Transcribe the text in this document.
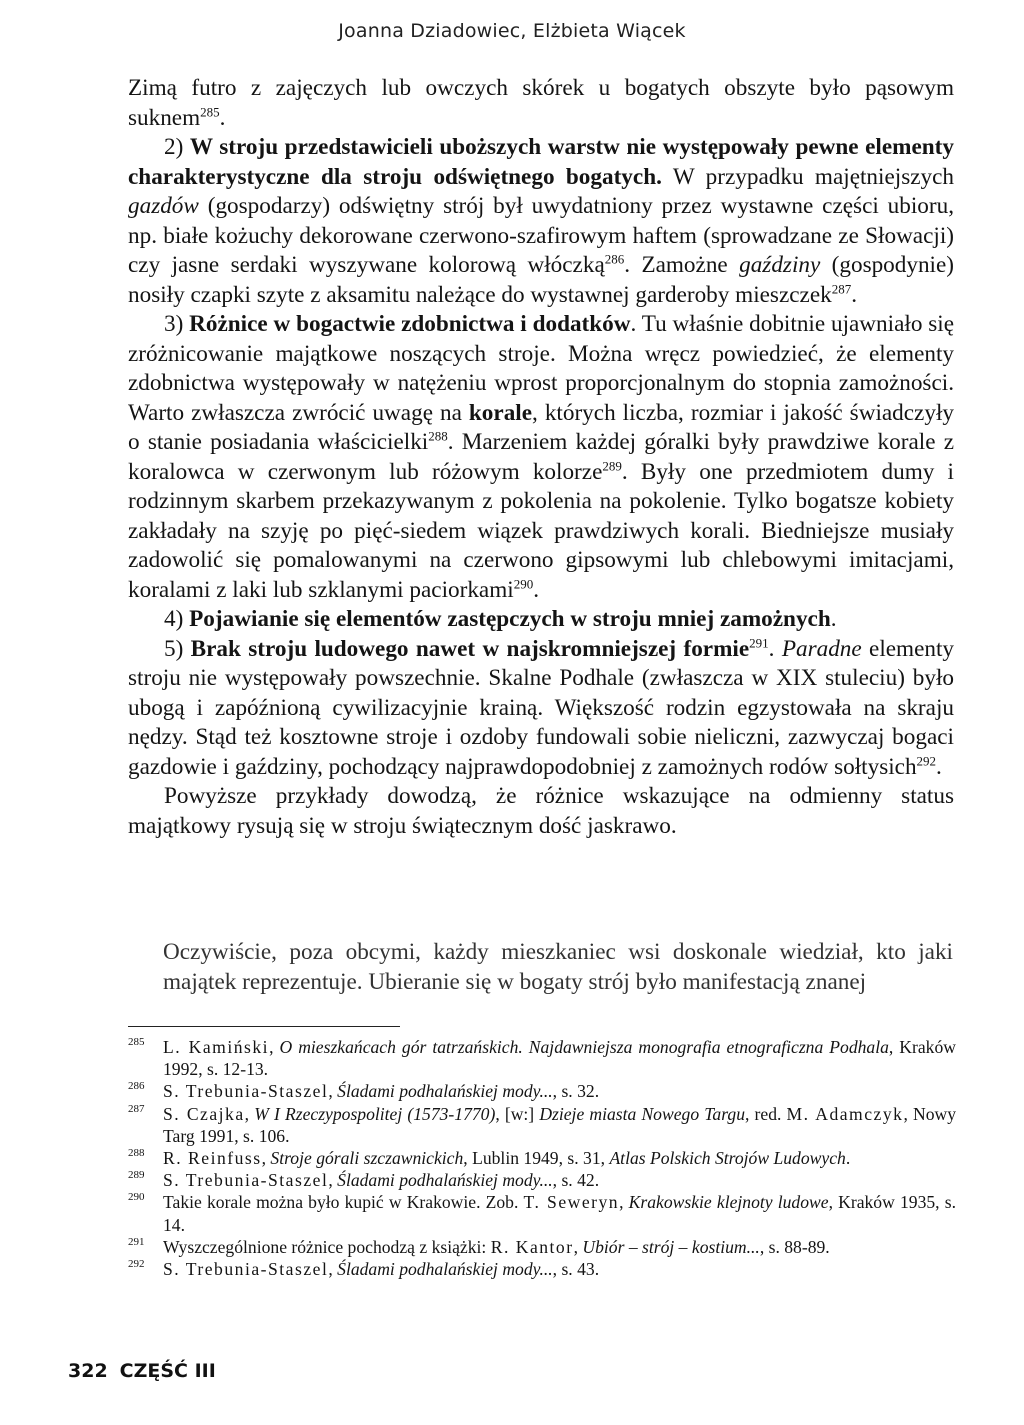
Joanna Dziadowiec, Elżbieta Wiącek

Zimą futro z zajęczych lub owczych skórek u bogatych obszyte było pąsowym suknem$^{285}$.

2) W stroju przedstawicieli uboższych warstw nie występowały pewne elementy charakterystyczne dla stroju odświętnego bogatych. W przypadku majętniejszych gazdów (gospodarzy) odświętny strój był uwydatniony przez wystawne części ubioru, np. białe kożuchy dekorowane czerwono-szafirowym haftem (sprowadzane ze Słowacji) czy jasne serdaki wyszywane kolorową włóczką$^{286}$. Zamożne gaździny (gospodynie) nosiły czapki szyte z aksamitu należące do wystawnej garderoby mieszczek$^{287}$.

3) Różnice w bogactwie zdobnictwa i dodatków. Tu właśnie dobitnie ujawniało się zróżnicowanie majątkowe noszących stroje. Można wręcz powiedzieć, że elementy zdobnictwa występowały w natężeniu wprost proporcjonalnym do stopnia zamożności. Warto zwłaszcza zwrócić uwagę na korale, których liczba, rozmiar i jakość świadczyły o stanie posiadania właścicielki$^{288}$. Marzeniem każdej góralki były prawdziwe korale z koralowca w czerwonym lub różowym kolorze$^{289}$. Były one przedmiotem dumy i rodzinnym skarbem przekazywanym z pokolenia na pokolenie. Tylko bogatsze kobiety zakładały na szyję po pięć-siedem wiązek prawdziwych korali. Biedniejsze musiały zadowolić się pomalowanymi na czerwono gipsowymi lub chlebowymi imitacjami, koralami z laki lub szklanymi paciorkami$^{290}$.

4) Pojawianie się elementów zastępczych w stroju mniej zamożnych.

5) Brak stroju ludowego nawet w najskromniejszej formie$^{291}$. Paradne elementy stroju nie występowały powszechnie. Skalne Podhale (zwłaszcza w XIX stuleciu) było ubogą i zapóźnioną cywilizacyjnie krainą. Większość rodzin egzystowała na skraju nędzy. Stąd też kosztowne stroje i ozdoby fundowali sobie nieliczni, zazwyczaj bogaci gazdowie i gaździny, pochodzący najprawdopodobniej z zamożnych rodów sołtysich$^{292}$.

Powyższe przykłady dowodzą, że różnice wskazujące na odmienny status majątkowy rysują się w stroju świątecznym dość jaskrawo.

Oczywiście, poza obcymi, każdy mieszkaniec wsi doskonale wiedział, kto jaki majątek reprezentuje. Ubieranie się w bogaty strój było manifestacją znanej

285 L. Kamiński, O mieszkańcach gór tatrzańskich. Najdawniejsza monografia etnograficzna Podhala, Kraków 1992, s. 12-13.

286 S. Trebunia-Staszel, Śladami podhalańskiej mody..., s. 32.

287 S. Czajka, W I Rzeczypospolitej (1573-1770), [w:] Dzieje miasta Nowego Targu, red. M. Adamczyk, Nowy Targ 1991, s. 106.

288 R. Reinfuss, Stroje górali szczawnickich, Lublin 1949, s. 31, Atlas Polskich Strojów Ludowych.

289 S. Trebunia-Staszel, Śladami podhalańskiej mody..., s. 42.

290 Takie korale można było kupić w Krakowie. Zob. T. Seweryn, Krakowskie klejnoty ludowe, Kraków 1935, s. 14.

291 Wyszczególnione różnice pochodzą z książki: R. Kantor, Ubiór – strój – kostium..., s. 88-89.

292 S. Trebunia-Staszel, Śladami podhalańskiej mody..., s. 43.

322 CZĘŚĆ III
